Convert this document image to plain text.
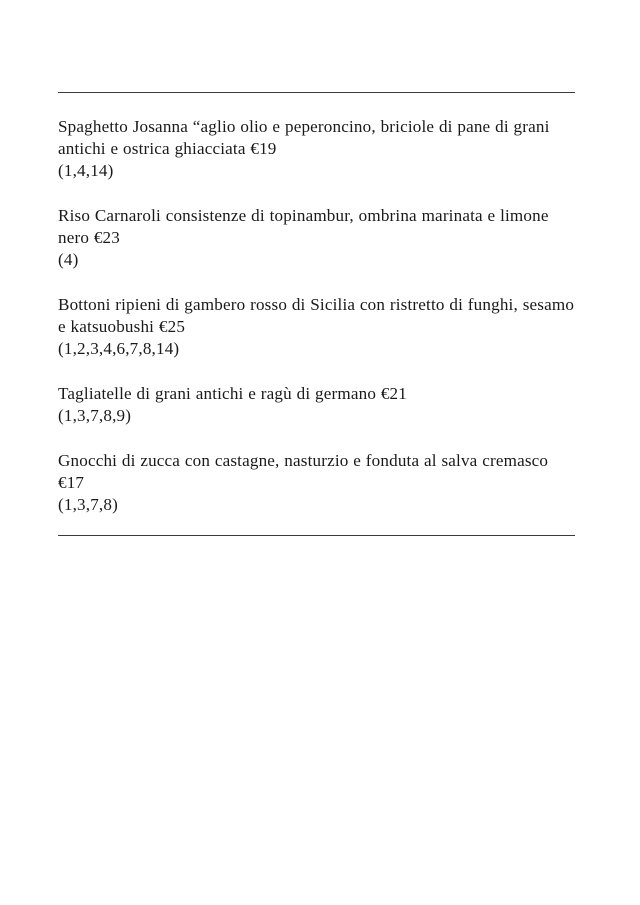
Spaghetto Josanna “aglio olio e peperoncino, briciole di pane di grani antichi e ostrica ghiacciata €19

(1,4,14)

Riso Carnaroli consistenze di topinambur, ombrina marinata e limone nero €23

(4)

Bottoni ripieni di gambero rosso di Sicilia con ristretto di funghi, sesamo e katsuobushi €25

(1,2,3,4,6,7,8,14)

Tagliatelle di grani antichi e ragù di germano €21

(1,3,7,8,9)

Gnocchi di zucca con castagne, nasturzio e fonduta al salva cremasco €17

(1,3,7,8)
